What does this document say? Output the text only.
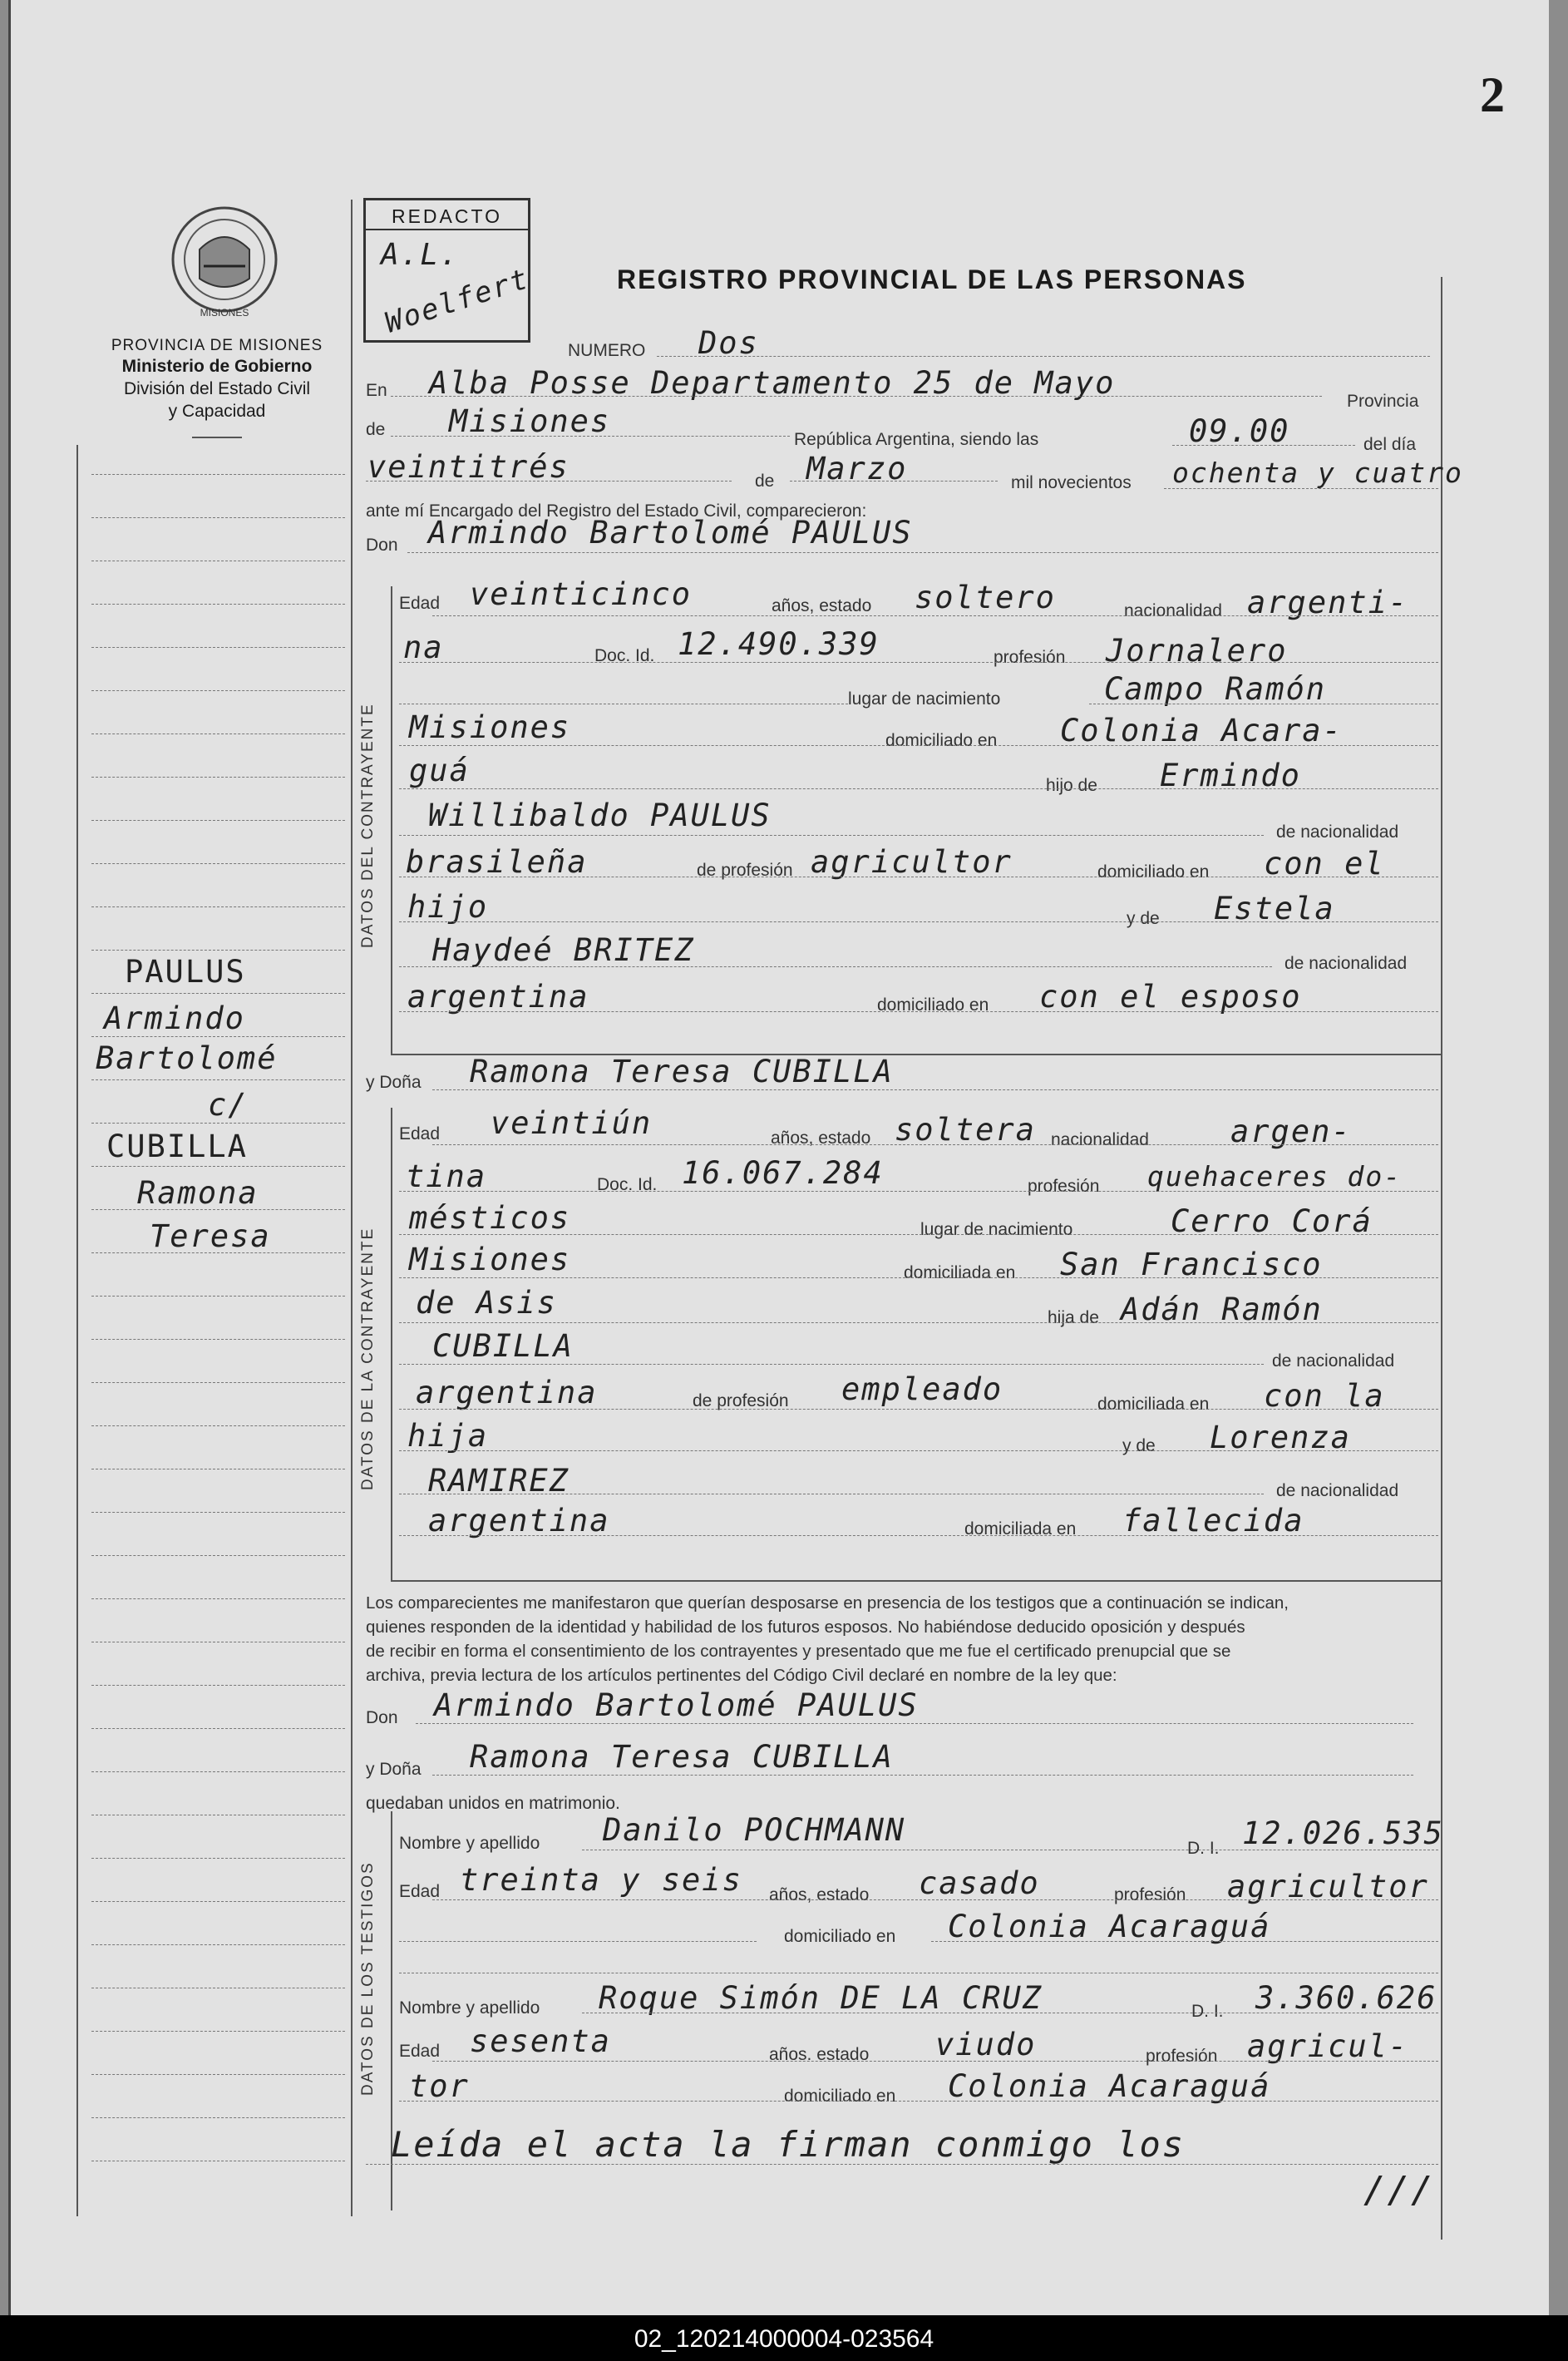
02_120214000004-023564
2
MISIONES
PROVINCIA DE MISIONES
Ministerio de Gobierno
División del Estado Civil
y Capacidad
REDACTO
A.L.
Woelfert	REGISTRO PROVINCIAL DE LAS PERSONAS
DATOS DEL CONTRAYENTE
DATOS DE LA CONTRAYENTE
DATOS DE LOS TESTIGOS
NUMERO Dos
En Alba Posse Departamento 25 de Mayo
Provincia
de Misiones
República Argentina, siendo las	09.00	del día
veintitrés	de Marzo	mil novecientos ochenta y cuatro
ante mí Encargado del Registro del Estado Civil, comparecieron:
Don Armindo Bartolomé PAULUS
Edad veinticinco	años, estado soltero	nacionalidad argenti-
na	Doc. Id. 12.490.339	profesión Jornalero
lugar de nacimiento	Campo Ramón
Misiones	domiciliado en Colonia Acara-
guá	hijo de Ermindo
Willibaldo PAULUS	de nacionalidad
brasileña	de profesión agricultor	domiciliado en con el
hijo	y de Estela
Haydeé BRITEZ	de nacionalidad
argentina	domiciliado en con el esposo
y Doña Ramona Teresa CUBILLA
Edad veintiún	años, estado soltera nacionalidad	argen-
tina	Doc. Id. 16.067.284	profesión quehaceres do-
mésticos	lugar de nacimiento	Cerro Corá
Misiones	domiciliada en San Francisco
de Asis	hija de Adán Ramón
CUBILLA	de nacionalidad
argentina	de profesión empleado	domiciliada en con la
hija	y de Lorenza
RAMIREZ	de nacionalidad
argentina	domiciliada en fallecida
Los comparecientes me manifestaron que querían desposarse en presencia de los testigos que a continuación se indican,
quienes responden de la identidad y habilidad de los futuros esposos. No habiéndose deducido oposición y después
de recibir en forma el consentimiento de los contrayentes y presentado que me fue el certificado prenupcial que se
archiva, previa lectura de los artículos pertinentes del Código Civil declaré en nombre de la ley que:
Don Armindo Bartolomé PAULUS
y Doña Ramona Teresa CUBILLA
quedaban unidos en matrimonio.
Nombre y apellido Danilo POCHMANN
D. I. 12.026.535
Edad treinta y seis años, estado casado	profesión agricultor
domiciliado en Colonia Acaraguá
Nombre y apellido Roque Simón DE LA CRUZ	D. I. 3.360.626
Edad sesenta	años. estado viudo	profesión agricul-
tor	domiciliado en Colonia Acaraguá
Leída el acta la firman conmigo los
///
PAULUS
Armindo
Bartolomé
c/
CUBILLA
Ramona
Teresa
